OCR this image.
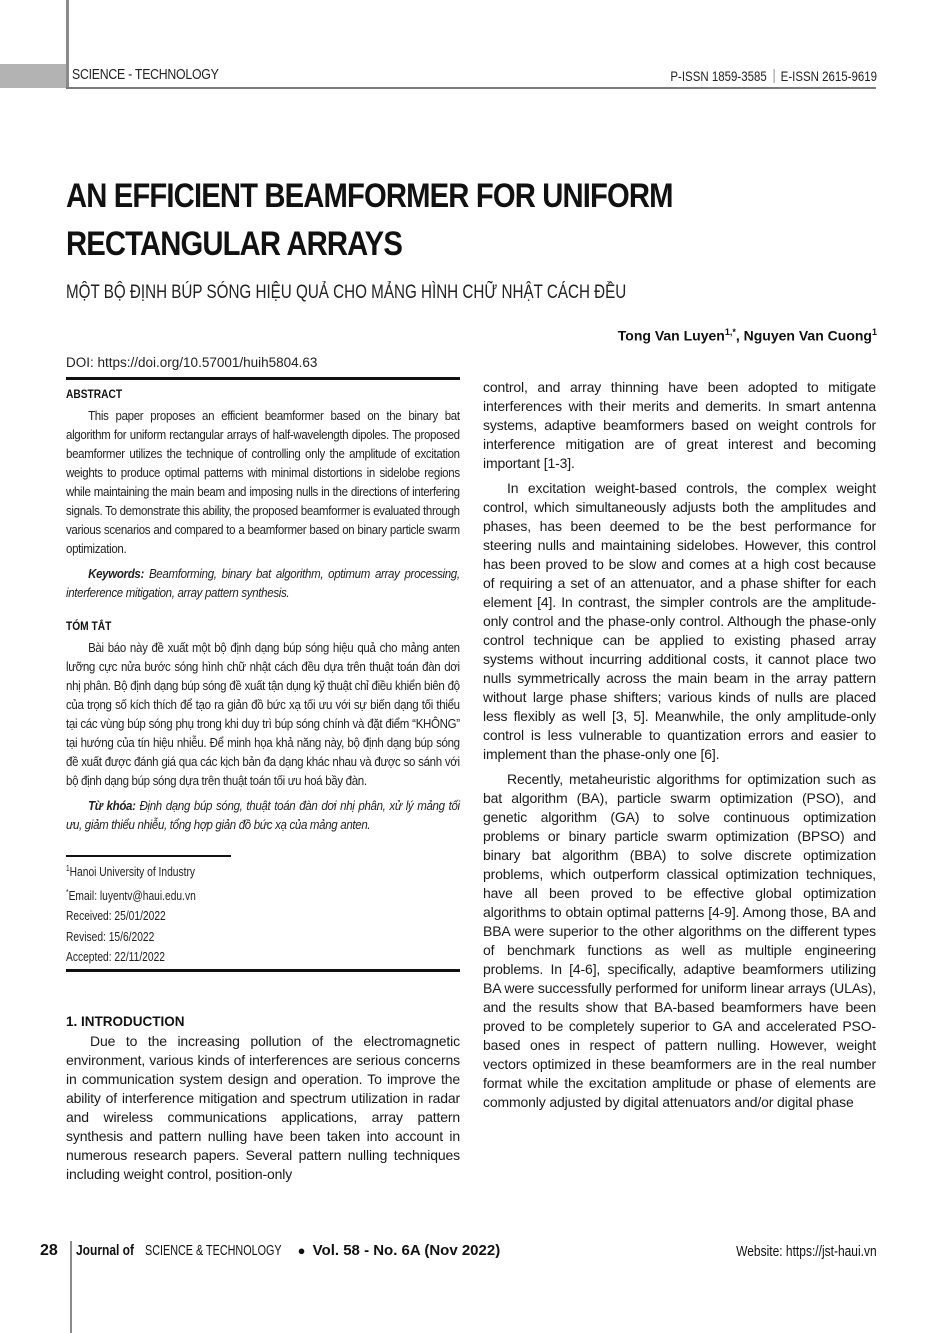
SCIENCE - TECHNOLOGY	P-ISSN 1859-3585 E-ISSN 2615-9619
AN EFFICIENT BEAMFORMER FOR UNIFORM RECTANGULAR ARRAYS
MỘT BỘ ĐỊNH BÚP SÓNG HIỆU QUẢ CHO MẢNG HÌNH CHỮ NHẬT CÁCH ĐỀU
Tong Van Luyen$^{1,*}$, Nguyen Van Cuong$^1$
DOI: https://doi.org/10.57001/huih5804.63
ABSTRACT

This paper proposes an efficient beamformer based on the binary bat algorithm for uniform rectangular arrays of half-wavelength dipoles. The proposed beamformer utilizes the technique of controlling only the amplitude of excitation weights to produce optimal patterns with minimal distortions in sidelobe regions while maintaining the main beam and imposing nulls in the directions of interfering signals. To demonstrate this ability, the proposed beamformer is evaluated through various scenarios and compared to a beamformer based on binary particle swarm optimization.

Keywords: Beamforming, binary bat algorithm, optimum array processing, interference mitigation, array pattern synthesis.

TÓM TẮT

Bài báo này đề xuất một bộ định dạng búp sóng hiệu quả cho mảng anten lưỡng cực nửa bước sóng hình chữ nhật cách đều dựa trên thuật toán đàn dơi nhị phân. Bộ định dạng búp sóng đề xuất tận dụng kỹ thuật chỉ điều khiển biên độ của trọng số kích thích để tạo ra giản đồ bức xạ tối ưu với sự biến dạng tối thiểu tại các vùng búp sóng phụ trong khi duy trì búp sóng chính và đặt điểm “KHÔNG” tại hướng của tín hiệu nhiễu. Để minh họa khả năng này, bộ định dạng búp sóng đề xuất được đánh giá qua các kịch bản đa dạng khác nhau và được so sánh với bộ định dạng búp sóng dựa trên thuật toán tối ưu hoá bầy đàn.

Từ khóa: Định dạng búp sóng, thuật toán đàn dơi nhị phân, xử lý mảng tối ưu, giảm thiểu nhiễu, tổng hợp giản đồ bức xạ của mảng anten.

$^1$Hanoi University of Industry
*Email: luyentv@haui.edu.vn
Received: 25/01/2022
Revised: 15/6/2022
Accepted: 22/11/2022
1. INTRODUCTION

Due to the increasing pollution of the electromagnetic environment, various kinds of interferences are serious concerns in communication system design and operation. To improve the ability of interference mitigation and spectrum utilization in radar and wireless communications applications, array pattern synthesis and pattern nulling have been taken into account in numerous research papers. Several pattern nulling techniques including weight control, position-only

control, and array thinning have been adopted to mitigate interferences with their merits and demerits. In smart antenna systems, adaptive beamformers based on weight controls for interference mitigation are of great interest and becoming important [1-3].

In excitation weight-based controls, the complex weight control, which simultaneously adjusts both the amplitudes and phases, has been deemed to be the best performance for steering nulls and maintaining sidelobes. However, this control has been proved to be slow and comes at a high cost because of requiring a set of an attenuator, and a phase shifter for each element [4]. In contrast, the simpler controls are the amplitude-only control and the phase-only control. Although the phase-only control technique can be applied to existing phased array systems without incurring additional costs, it cannot place two nulls symmetrically across the main beam in the array pattern without large phase shifters; various kinds of nulls are placed less flexibly as well [3, 5]. Meanwhile, the only amplitude-only control is less vulnerable to quantization errors and easier to implement than the phase-only one [6].

Recently, metaheuristic algorithms for optimization such as bat algorithm (BA), particle swarm optimization (PSO), and genetic algorithm (GA) to solve continuous optimization problems or binary particle swarm optimization (BPSO) and binary bat algorithm (BBA) to solve discrete optimization problems, which outperform classical optimization techniques, have all been proved to be effective global optimization algorithms to obtain optimal patterns [4-9]. Among those, BA and BBA were superior to the other algorithms on the different types of benchmark functions as well as multiple engineering problems. In [4-6], specifically, adaptive beamformers utilizing BA were successfully performed for uniform linear arrays (ULAs), and the results show that BA-based beamformers have been proved to be completely superior to GA and accelerated PSO-based ones in respect of pattern nulling. However, weight vectors optimized in these beamformers are in the real number format while the excitation amplitude or phase of elements are commonly adjusted by digital attenuators and/or digital phase

28 Journal of SCIENCE & TECHNOLOGY ● Vol. 58 - No. 6A (Nov 2022)	Website: https://jst-haui.vn
